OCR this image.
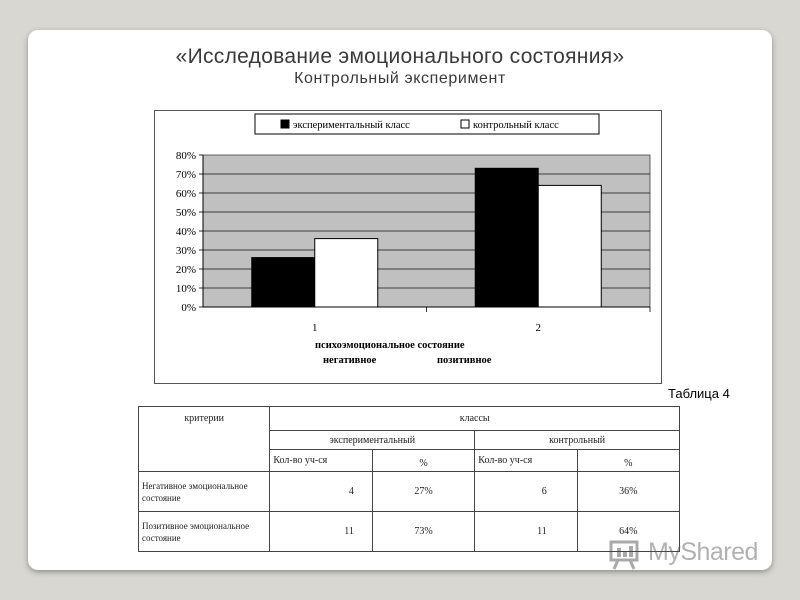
«Исследование эмоционального состояния»
Контрольный эксперимент
экспериментальный класс	контрольный класс
0%
10%
20%
30%
40%
50%
60%
70%
80%
1	2
психоэмоциональное состояние
негативное	позитивное
Таблица 4
критерии	классы			
	экспериментальный		контрольный	
	Кол-во уч-ся	%	Кол-во уч-ся	%
Негативное эмоциональное состояние	4	27%	6	36%
Позитивное эмоциональное состояние	11	73%	11	64%
MyShared
